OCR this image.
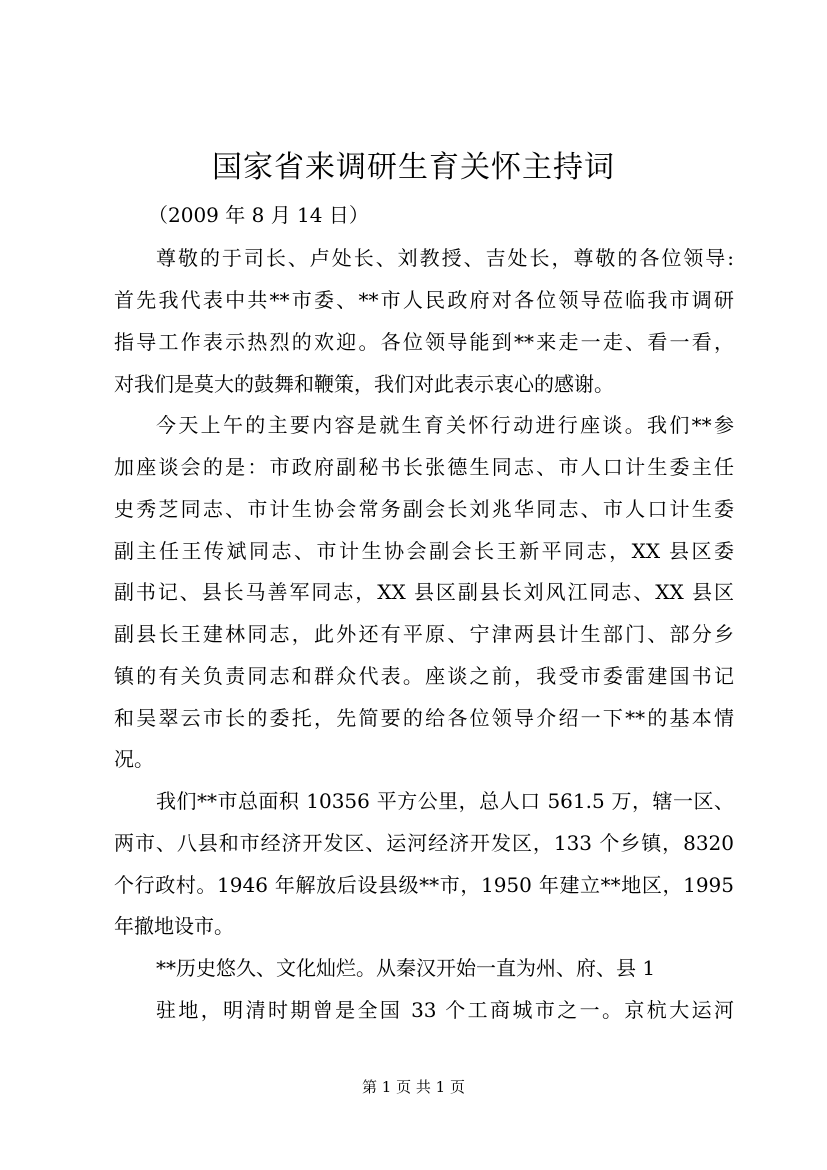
国家省来调研生育关怀主持词
（2009 年 8 月 14 日）
尊敬的于司长、卢处长、刘教授、吉处长，尊敬的各位领导:
首先我代表中共**市委、**市人民政府对各位领导莅临我市调研
指导工作表示热烈的欢迎。各位领导能到**来走一走、看一看，
对我们是莫大的鼓舞和鞭策，我们对此表示衷心的感谢。
今天上午的主要内容是就生育关怀行动进行座谈。我们**参
加座谈会的是：市政府副秘书长张德生同志、市人口计生委主任
史秀芝同志、市计生协会常务副会长刘兆华同志、市人口计生委
副主任王传斌同志、市计生协会副会长王新平同志，XX 县区委
副书记、县长马善军同志，XX 县区副县长刘风江同志、XX 县区
副县长王建林同志，此外还有平原、宁津两县计生部门、部分乡
镇的有关负责同志和群众代表。座谈之前，我受市委雷建国书记
和吴翠云市长的委托，先简要的给各位领导介绍一下**的基本情
况。
我们**市总面积 10356 平方公里，总人口 561.5 万，辖一区、
两市、八县和市经济开发区、运河经济开发区，133 个乡镇，8320
个行政村。1946 年解放后设县级**市，1950 年建立**地区，1995
年撤地设市。
**历史悠久、文化灿烂。从秦汉开始一直为州、府、县 1
驻地，明清时期曾是全国 33 个工商城市之一。京杭大运河
第 1 页 共 1 页
